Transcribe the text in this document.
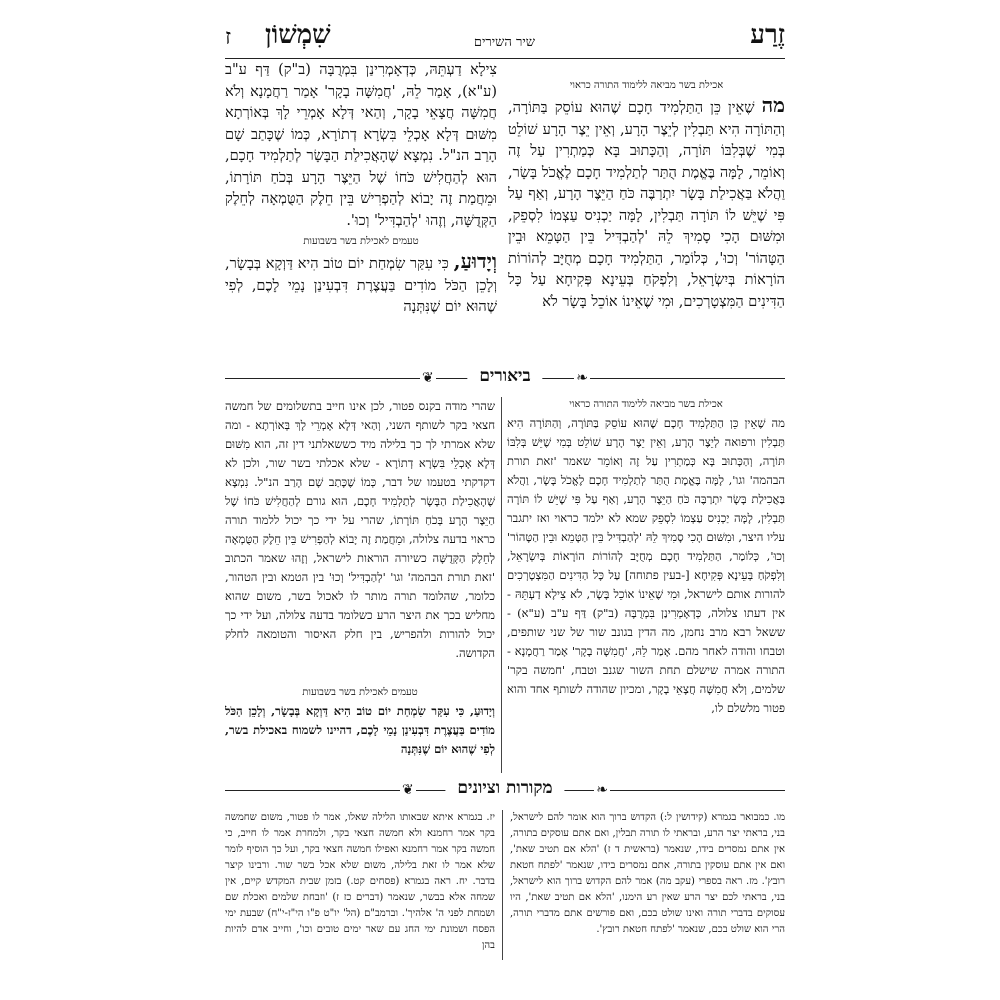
זֶרַע
שיר השירים
שִׁמְשׁוֹן
ז
אכילת בשר מביאה ללימוד התורה כראוי
מה שֶׁאֵין כֵּן הַתַּלְמִיד חָכָם שֶׁהוּא עוֹסֵק בַּתּוֹרָה, וְהַתּוֹרָה הִיא תַּבְלִין לְיֵצֶר הָרָע, וְאֵין יֵצֶר הָרָע שׁוֹלֵט בְּמִי שֶׁבְּלִבּוֹ תּוֹרָה, וְהַכָּתוּב בָּא כְּמַתְרִין עַל זֶה וְאוֹמֵר, לָמָּה בֶּאֱמֶת הֻתַּר לְתַלְמִיד חָכָם לֶאֱכֹל בָּשָׂר, וַהֲלֹא בַּאֲכִילַת בָּשָׂר יִתְרַבֶּה כֹּחַ הַיֵּצֶר הָרָע, וְאַף עַל פִּי שֶׁיֵּשׁ לוֹ תּוֹרָה תַּבְלִין, לָמָּה יַכְנִיס עַצְמוֹ לִסְפֵק, וּמִשּׁוּם הָכִי סָמִיךְ לֵהּ 'לְהַבְדִּיל בֵּין הַטָּמֵא וּבֵין הַטָּהוֹר' וְכוּ', כְּלוֹמַר, הַתַּלְמִיד חָכָם מְחֻיָּב לְהוֹרוֹת הוֹרָאוֹת בְּיִשְׂרָאֵל, וְלִפְקֹחַ בְּעֵינָא פְּקִיחָא עַל כָּל הַדִּינִים הַמִּצְטָרְכִים, וּמִי שֶׁאֵינוֹ אוֹכֵל בָּשָׂר לֹא
צִילָא דַעְתֵּהּ, כְּדְאָמְרִינַן בִּמְרֻבָּה (ב"ק) דַּף ע"ב (ע"א), אָמַר לֵהּ, 'חֲמִשָּׁה בָקָר' אָמַר רַחֲמָנָא וְלֹא חֲמִשָּׁה חֲצָאֵי בָקָר, וְהַאי דְּלָא אָמְרֵי לָךְ בְּאוֹרְתָא מִשּׁוּם דְּלָא אָכְלֵי בִּשְׂרָא דְתוֹרָא, כְּמוֹ שֶׁכָּתַב שָׁם הָרַב הנ"ל. נִמְצָא שֶׁהָאֲכִילַת הַבָּשָׂר לְתַלְמִיד חָכָם, הוּא לְהַחֲלִישׁ כֹּחוֹ שֶׁל הַיֵּצֶר הָרָע בְּכֹחַ תּוֹרָתוֹ, וּמֵחֲמַת זֶה יָבוֹא לְהַפְרִישׁ בֵּין חֵלֶק הַטֻּמְאָה לְחֵלֶק הַקְּדֻשָּׁה, וְזֶהוּ 'לְהַבְדִּיל' וְכוּ'.
טעמים לאכילת בשר בשבועות
וְיָדוּעַ, כִּי עִקַּר שִׂמְחַת יוֹם טוֹב הִיא דַּוְקָא בְּבָשָׂר, וְלָכֵן הַכֹּל מוֹדִים בַּעֲצֶרֶת דִּבְעִינַן נָמֵי לָכֶם, לְפִי שֶׁהוּא יוֹם שֶׁנִּתְּנָה
❦	ביאורים	❧
אכילת בשר מביאה ללימוד התורה כראוי
מה שֶׁאֵין כֵּן הַתַּלְמִיד חָכָם שֶׁהוּא עוֹסֵק בַּתּוֹרָה, וְהַתּוֹרָה הִיא תַּבְלִין ורפואה לְיֵצֶר הָרָע, וְאֵין יֵצֶר הָרָע שׁוֹלֵט בְּמִי שֶׁיֵּשׁ בְּלִבּוֹ תּוֹרָה, וְהַכָּתוּב בָּא כְּמַתְרִין עַל זֶה וְאוֹמֵר שאמר 'זאת תורת הבהמה' וגו', לָמָּה בֶּאֱמֶת הֻתַּר לְתַלְמִיד חָכָם לֶאֱכֹל בָּשָׂר, וַהֲלֹא בַּאֲכִילַת בָּשָׂר יִתְרַבֶּה כֹּחַ הַיֵּצֶר הָרָע, וְאַף עַל פִּי שֶׁיֵּשׁ לוֹ תּוֹרָה תַּבְלִין, לָמָּה יַכְנִיס עַצְמוֹ לִסְפֵק שמא לא ילמד כראוי ואז יתגבר עליו היצר, וּמִשּׁוּם הָכִי סָמִיךְ לֵהּ 'לְהַבְדִּיל בֵּין הַטָּמֵא וּבֵין הַטָּהוֹר' וְכוּ', כְּלוֹמַר, הַתַּלְמִיד חָכָם מְחֻיָּב לְהוֹרוֹת הוֹרָאוֹת בְּיִשְׂרָאֵל, וְלִפְקֹחַ בְּעֵינָא פְּקִיחָא [-בעין פתוחה] עַל כָּל הַדִּינִים הַמִּצְטָרְכִים להורות אותם לישראל, וּמִי שֶׁאֵינוֹ אוֹכֵל בָּשָׂר, לֹא צִילָא דַעְתֵּהּ - אין דעתו צלולה, כְּדְאָמְרִינַן בִּמְרֻבָּה (ב"ק) דַּף ע"ב (ע"א) - ששאל רבא מרב נחמן, מה הדין בגונב שור של שני שותפים, וטבחו והודה לאחר מהם. אָמַר לֵהּ, 'חֲמִשָּׁה בָקָר' אָמַר רַחֲמָנָא - התורה אמרה שישלם תחת השור שגנב וטבח, 'חמשה בקר' שלמים, וְלֹא חֲמִשָּׁה חֲצָאֵי בָקָר, ומכיון שהודה לשותף אחד והוא פטור מלשלם לו,
שהרי מודה בקנס פטור, לכן אינו חייב בתשלומים של חמשה חצאי בקר לשותף השני, וְהַאי דְּלָא אָמְרֵי לָךְ בְּאוֹרְתָא - ומה שלא אמרתי לך כך בלילה מיד כששאלתני דין זה, הוא מִשּׁוּם דְּלָא אָכְלֵי בִּשְׂרָא דְתוֹרָא - שלא אכלתי בשר שור, ולכן לא דקדקתי בטעמו של דבר, כְּמוֹ שֶׁכָּתַב שָׁם הָרַב הנ"ל. נִמְצָא שֶׁהָאֲכִילַת הַבָּשָׂר לְתַלְמִיד חָכָם, הוּא גורם לְהַחֲלִישׁ כֹּחוֹ שֶׁל הַיֵּצֶר הָרָע בְּכֹחַ תּוֹרָתוֹ, שהרי על ידי כך יכול ללמוד תורה כראוי בדעה צלולה, וּמֵחֲמַת זֶה יָבוֹא לְהַפְרִישׁ בֵּין חֵלֶק הַטֻּמְאָה לְחֵלֶק הַקְּדֻשָּׁה כשיורה הוראות לישראל, וְזֶהוּ שאמר הכתוב 'זאת תורת הבהמה' וגו' 'לְהַבְדִּיל' וְכוּ' בין הטמא ובין הטהור, כלומר, שהלומד תורה מותר לו לאכול בשר, משום שהוא מחליש בכך את היצר הרע כשלומד בדעה צלולה, ועל ידי כך יכול להורות ולהפריש, בין חלק האיסור והטומאה לחלק הקדושה.
טעמים לאכילת בשר בשבועות
וְיָדוּעַ, כִּי עִקַּר שִׂמְחַת יוֹם טוֹב הִיא דַּוְקָא בְּבָשָׂר, וְלָכֵן הַכֹּל מוֹדִים בַּעֲצֶרֶת דִּבְעִינַן נָמֵי לָכֶם, דהיינו לשמוח באכילת בשר, לְפִי שֶׁהוּא יוֹם שֶׁנִּתְּנָה
❦	מקורות וציונים	❧
מו. כמבואר בגמרא (קידושין ל:) הקדוש ברוך הוא אומר להם לישראל, בני, בראתי יצר הרע, ובראתי לו תורה תבלין, ואם אתם עוסקים בתורה, אין אתם נמסרים בידו, שנאמר (בראשית ד ז) 'הלא אם תטיב שאת', ואם אין אתם עוסקין בתורה, אתם נמסרים בידו, שנאמר 'לפתח חטאת רובץ'. מז. ראה בספרי (עקב מה) אמר להם הקדוש ברוך הוא לישראל, בני, בראתי לכם יצר הרע שאין רע הימנו, 'הלא אם תטיב שאת', היו עסוקים בדברי תורה ואינו שולט בכם, ואם פורשים אתם מדברי תורה, הרי הוא שולט בכם, שנאמר 'לפתח חטאת רובץ'.
יז. בגמרא איתא שבאותו הלילה שאלו, אמר לו פטור, משום שחמשה בקר אמר רחמנא ולא חמשה חצאי בקר, ולמחרת אמר לו חייב, כי חמשה בקר אמר רחמנא ואפילו חמשה חצאי בקר, ועל כך הוסיף לומר שלא אמר לו זאת בלילה, משום שלא אכל בשר שור. ורבינו קיצר בדבר. יח. ראה בגמרא (פסחים קט.) בזמן שבית המקדש קיים, אין שמחה אלא בבשר, שנאמר (דברים כז ז) 'וזבחת שלמים ואכלת שם ושמחת לפני ה' אלהיך'. וברמב"ם (הל' יו"ט פ"ו הי"ז-י"ח) שבעת ימי הפסח ושמונת ימי החג עם שאר ימים טובים וכו', וחייב אדם להיות בהן
